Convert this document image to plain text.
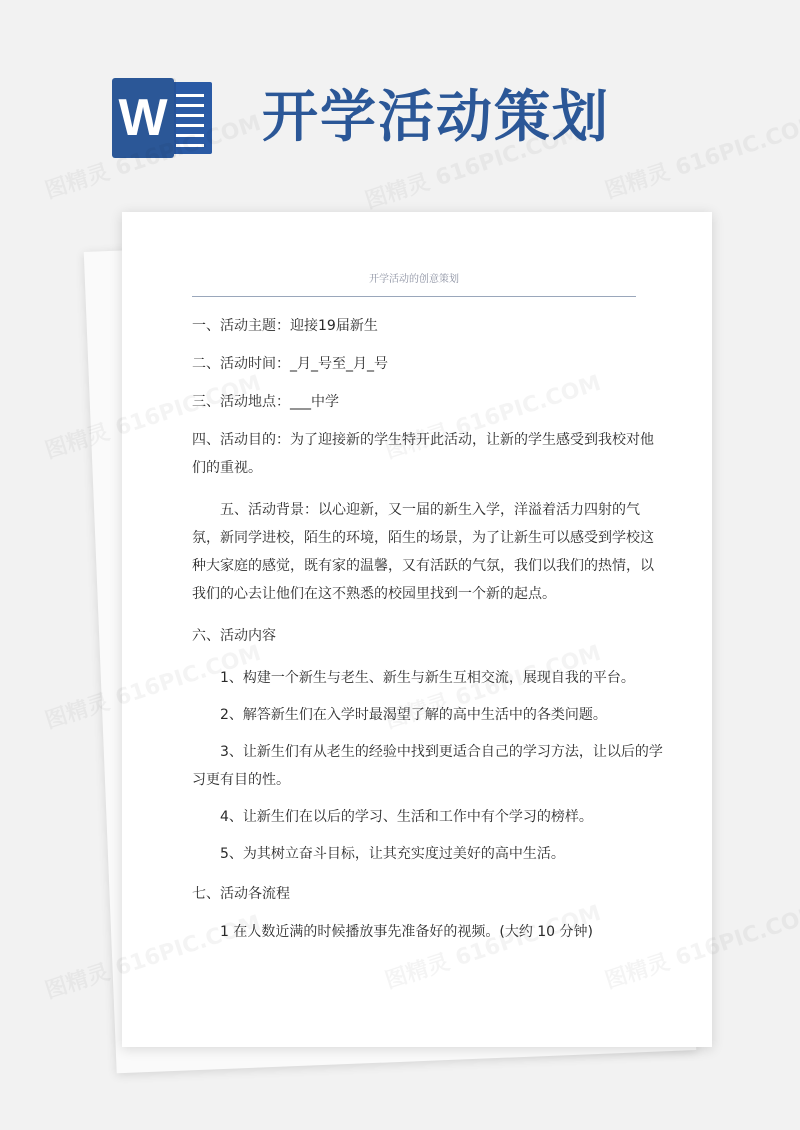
W 开学活动策划
开学活动的创意策划

一、活动主题：迎接19届新生

二、活动时间：_月_号至_月_号

三、活动地点：___中学

四、活动目的：为了迎接新的学生特开此活动，让新的学生感受到我校对他们的重视。

五、活动背景：以心迎新，又一届的新生入学，洋溢着活力四射的气氛，新同学进校，陌生的环境，陌生的场景，为了让新生可以感受到学校这种大家庭的感觉，既有家的温馨，又有活跃的气氛，我们以我们的热情，以我们的心去让他们在这不熟悉的校园里找到一个新的起点。

六、活动内容

1、构建一个新生与老生、新生与新生互相交流，展现自我的平台。

2、解答新生们在入学时最渴望了解的高中生活中的各类问题。

3、让新生们有从老生的经验中找到更适合自己的学习方法，让以后的学习更有目的性。

4、让新生们在以后的学习、生活和工作中有个学习的榜样。

5、为其树立奋斗目标，让其充实度过美好的高中生活。

七、活动各流程

1 在人数近满的时候播放事先准备好的视频。(大约 10 分钟)
